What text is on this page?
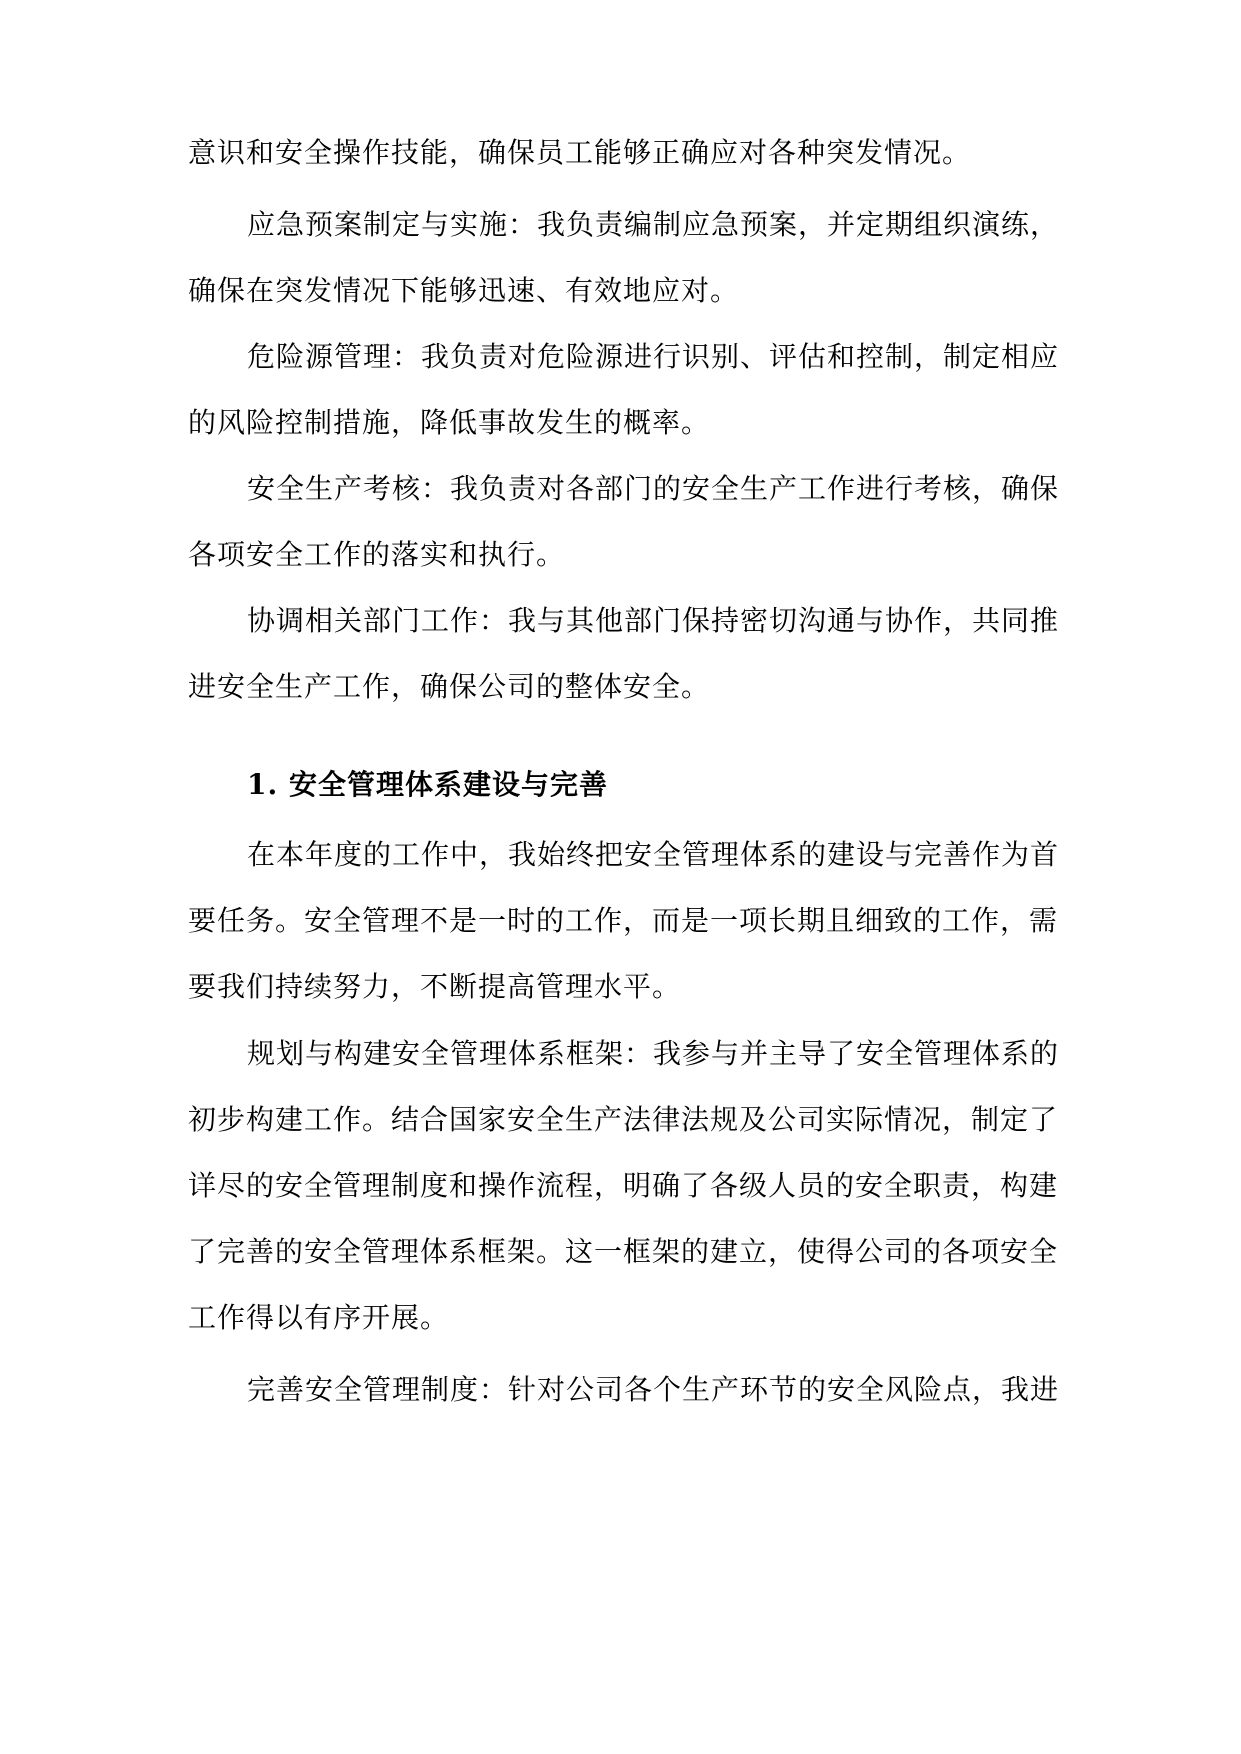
意识和安全操作技能，确保员工能够正确应对各种突发情况。
应急预案制定与实施：我负责编制应急预案，并定期组织演练，
确保在突发情况下能够迅速、有效地应对。
危险源管理：我负责对危险源进行识别、评估和控制，制定相应
的风险控制措施，降低事故发生的概率。
安全生产考核：我负责对各部门的安全生产工作进行考核，确保
各项安全工作的落实和执行。
协调相关部门工作：我与其他部门保持密切沟通与协作，共同推
进安全生产工作，确保公司的整体安全。
1. 安全管理体系建设与完善
在本年度的工作中，我始终把安全管理体系的建设与完善作为首
要任务。安全管理不是一时的工作，而是一项长期且细致的工作，需
要我们持续努力，不断提高管理水平。
规划与构建安全管理体系框架：我参与并主导了安全管理体系的
初步构建工作。结合国家安全生产法律法规及公司实际情况，制定了
详尽的安全管理制度和操作流程，明确了各级人员的安全职责，构建
了完善的安全管理体系框架。这一框架的建立，使得公司的各项安全
工作得以有序开展。
完善安全管理制度：针对公司各个生产环节的安全风险点，我进
